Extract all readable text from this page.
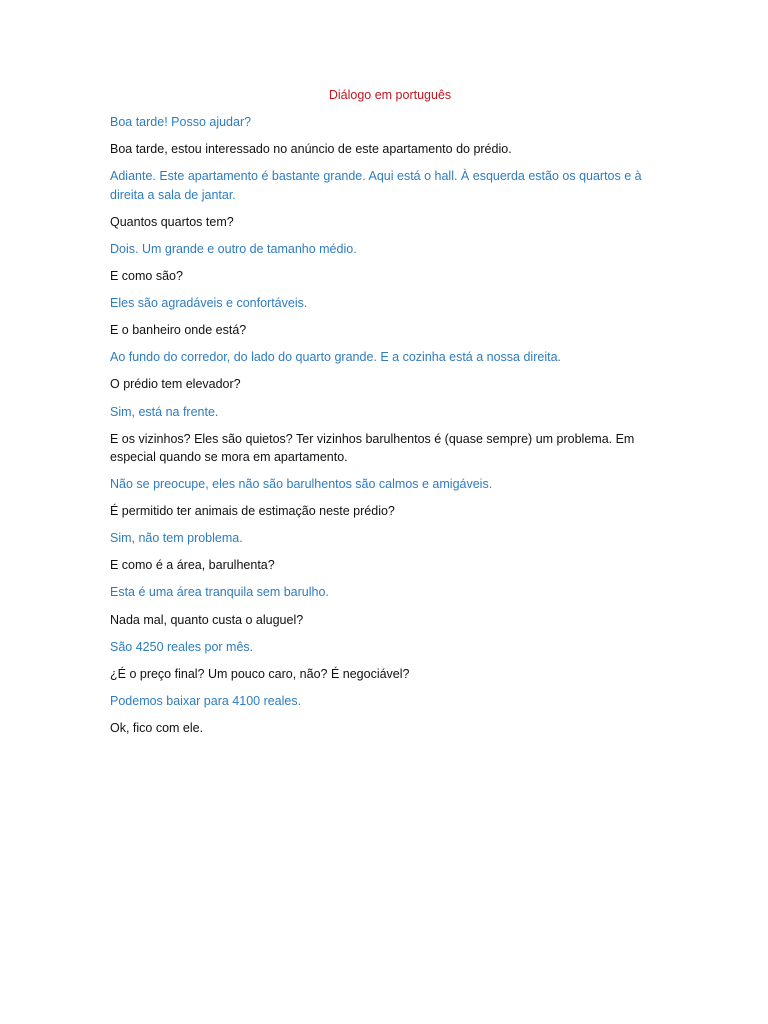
Diálogo em português
Boa tarde! Posso ajudar?
Boa tarde, estou interessado no anúncio de este apartamento do prédio.
Adiante. Este apartamento é bastante grande. Aqui está o hall. À esquerda estão os quartos e à direita a sala de jantar.
Quantos quartos tem?
Dois. Um grande e outro de tamanho médio.
E como são?
Eles são agradáveis e confortáveis.
E o banheiro onde está?
Ao fundo do corredor, do lado do quarto grande. E a cozinha está a nossa direita.
O prédio tem elevador?
Sim, está na frente.
E os vizinhos? Eles são quietos? Ter vizinhos barulhentos é (quase sempre) um problema. Em especial quando se mora em apartamento.
Não se preocupe, eles não são barulhentos são calmos e amigáveis.
É permitido ter animais de estimação neste prédio?
Sim, não tem problema.
E como é a área, barulhenta?
Esta é uma área tranquila sem barulho.
Nada mal, quanto custa o aluguel?
São 4250 reales por mês.
¿É o preço final? Um pouco caro, não? É negociável?
Podemos baixar para 4100 reales.
Ok, fico com ele.
